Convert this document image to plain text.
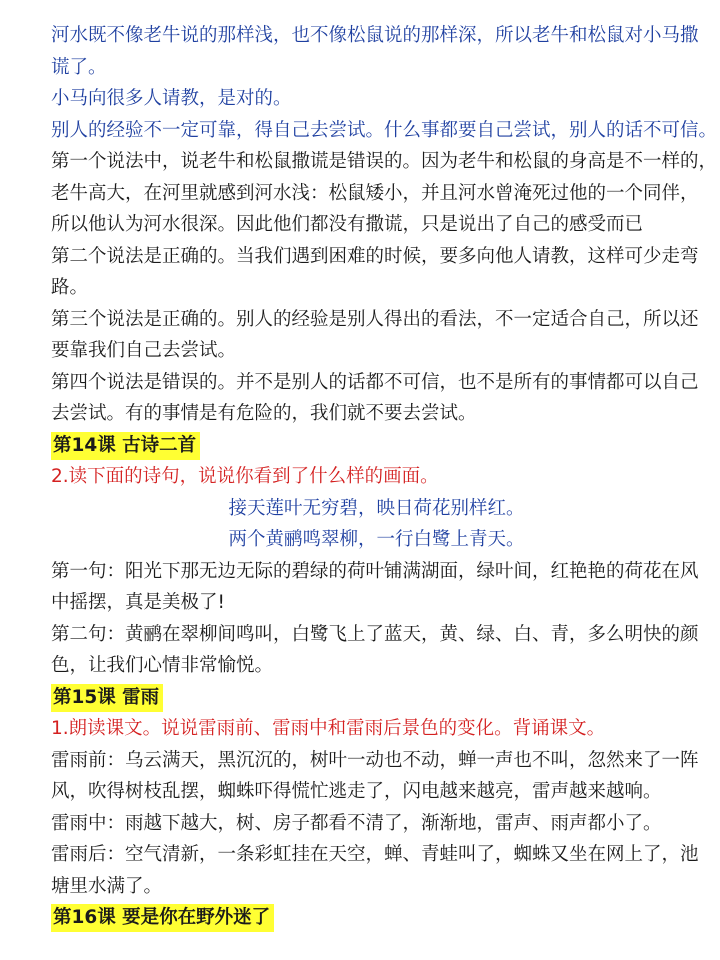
河水既不像老牛说的那样浅，也不像松鼠说的那样深，所以老牛和松鼠对小马撒
谎了。
小马向很多人请教，是对的。
别人的经验不一定可靠，得自己去尝试。什么事都要自己尝试，别人的话不可信。
第一个说法中，说老牛和松鼠撒谎是错误的。因为老牛和松鼠的身高是不一样的，
老牛高大，在河里就感到河水浅：松鼠矮小，并且河水曾淹死过他的一个同伴，
所以他认为河水很深。因此他们都没有撒谎，只是说出了自己的感受而已
第二个说法是正确的。当我们遇到困难的时候，要多向他人请教，这样可少走弯
路。
第三个说法是正确的。别人的经验是别人得出的看法，不一定适合自己，所以还
要靠我们自己去尝试。
第四个说法是错误的。并不是别人的话都不可信，也不是所有的事情都可以自己
去尝试。有的事情是有危险的，我们就不要去尝试。
第14课 古诗二首
2.读下面的诗句，说说你看到了什么样的画面。
接天莲叶无穷碧，映日荷花别样红。
两个黄鹂鸣翠柳，一行白鹭上青天。
第一句：阳光下那无边无际的碧绿的荷叶铺满湖面，绿叶间，红艳艳的荷花在风
中摇摆，真是美极了!
第二句：黄鹂在翠柳间鸣叫，白鹭飞上了蓝天，黄、绿、白、青，多么明快的颜
色，让我们心情非常愉悦。
第15课 雷雨
1.朗读课文。说说雷雨前、雷雨中和雷雨后景色的变化。背诵课文。
雷雨前：乌云满天，黑沉沉的，树叶一动也不动，蝉一声也不叫，忽然来了一阵
风，吹得树枝乱摆，蜘蛛吓得慌忙逃走了，闪电越来越亮，雷声越来越响。
雷雨中：雨越下越大，树、房子都看不清了，渐渐地，雷声、雨声都小了。
雷雨后：空气清新，一条彩虹挂在天空，蝉、青蛙叫了，蜘蛛又坐在网上了，池
塘里水满了。
第16课 要是你在野外迷了
